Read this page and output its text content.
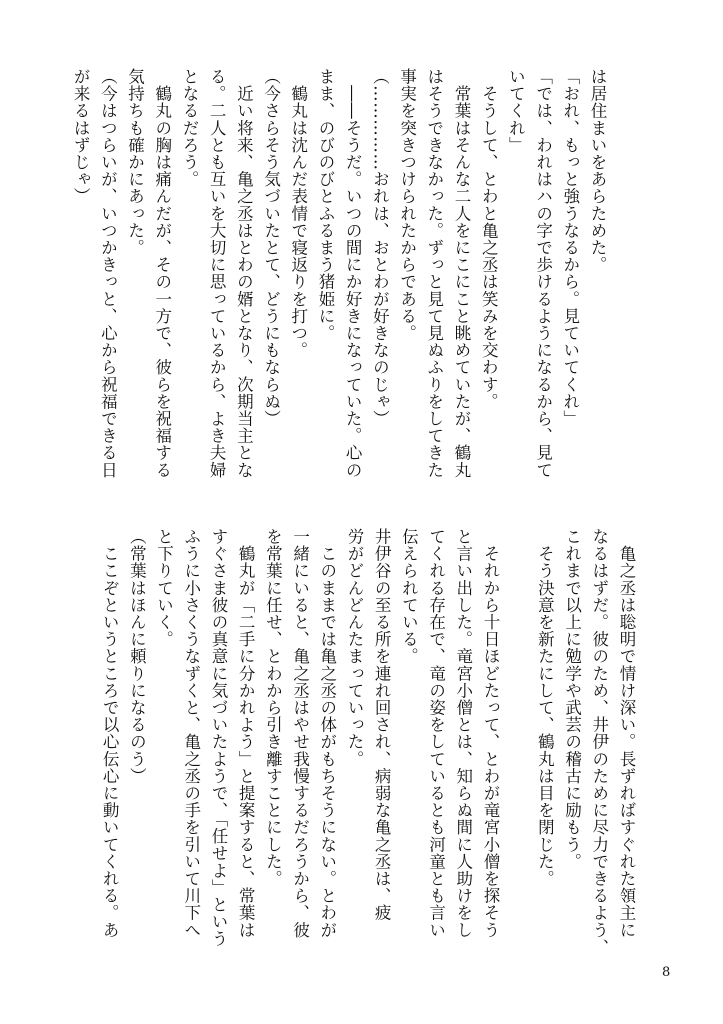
は居住まいをあらためた。
「おれ、もっと強うなるから。見ていてくれ」
「では、われはハの字で歩けるようになるから、見て
いてくれ」
　そうして、とわと亀之丞は笑みを交わす。
　常葉はそんな二人をにこにこと眺めていたが、鶴丸
はそうできなかった。ずっと見て見ぬふりをしてきた
事実を突きつけられたからである。
（……………おれは、おとわが好きなのじゃ）
　――そうだ。いつの間にか好きになっていた。心の
まま、のびのびとふるまう猪姫に。
　鶴丸は沈んだ表情で寝返りを打つ。
（今さらそう気づいたとて、どうにもならぬ）
　近い将来、亀之丞はとわの婿となり、次期当主とな
る。二人とも互いを大切に思っているから、よき夫婦
となるだろう。
　鶴丸の胸は痛んだが、その一方で、彼らを祝福する
気持ちも確かにあった。
（今はつらいが、いつかきっと、心から祝福できる日
が来るはずじゃ）
　亀之丞は聡明で情け深い。長ずればすぐれた領主に
なるはずだ。彼のため、井伊のために尽力できるよう、
これまで以上に勉学や武芸の稽古に励もう。
　そう決意を新たにして、鶴丸は目を閉じた。

　それから十日ほどたって、とわが竜宮小僧を探そう
と言い出した。竜宮小僧とは、知らぬ間に人助けをし
てくれる存在で、竜の姿をしているとも河童とも言い
伝えられている。
井伊谷の至る所を連れ回され、病弱な亀之丞は、疲
労がどんどんたまっていった。
　このままでは亀之丞の体がもちそうにない。とわが
一緒にいると、亀之丞はやせ我慢するだろうから、彼
を常葉に任せ、とわから引き離すことにした。
　鶴丸が「二手に分かれよう」と提案すると、常葉は
すぐさま彼の真意に気づいたようで、「任せよ」という
ふうに小さくうなずくと、亀之丞の手を引いて川下へ
と下りていく。
（常葉はほんに頼りになるのう）
　ここぞというところで以心伝心に動いてくれる。あ
8
